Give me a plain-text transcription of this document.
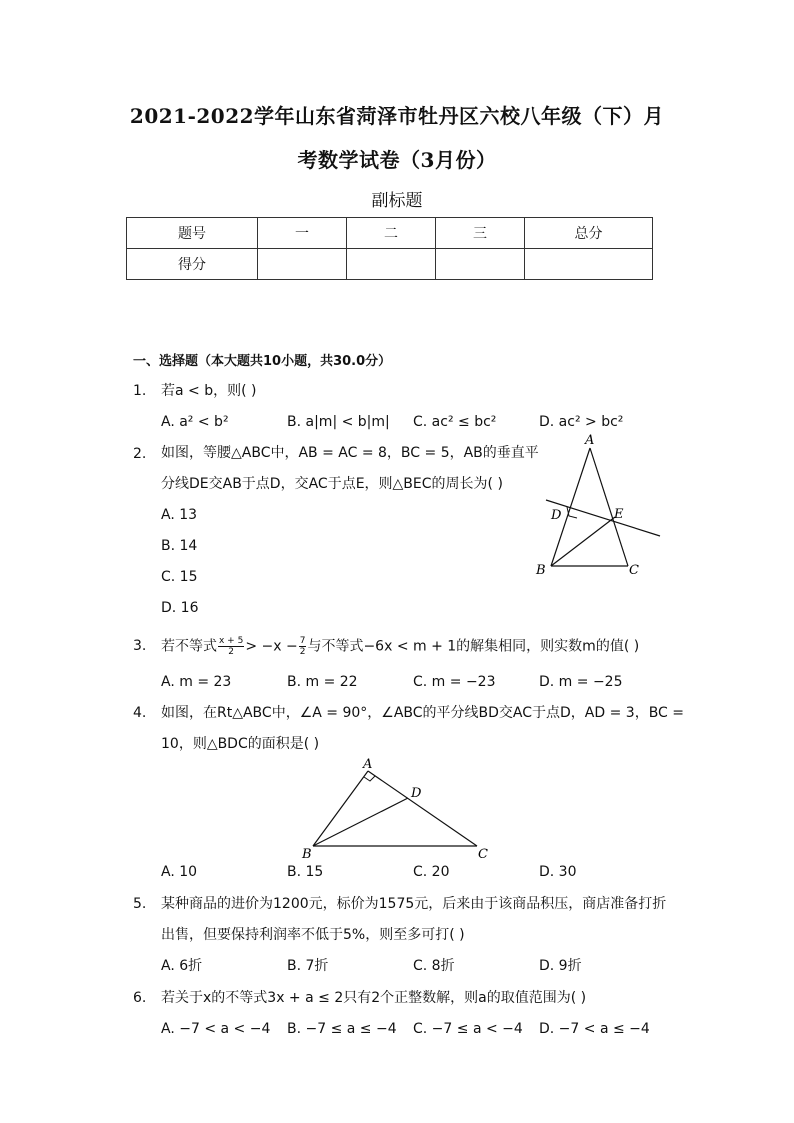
2021-2022学年山东省菏泽市牡丹区六校八年级（下）月
考数学试卷（3月份）
副标题
题号	一	二	三	总分
得分				
一、选择题（本大题共10小题，共30.0分）
1. 若a < b，则( )
A. a² < b²	B. a|m| < b|m| C. ac² ≤ bc²	D. ac² > bc²
2. 如图，等腰△ABC中，AB = AC = 8，BC = 5，AB的垂直平
分线DE交AB于点D，交AC于点E，则△BEC的周长为( )
A. 13
B. 14
C. 15
D. 16
A
D	E
B	C
3. 若不等式 $\frac{x + 5}{2} > -x - \frac{7}{2}$ 与不等式−6x < m + 1的解集相同，则实数m的值( )
A. m = 23	B. m = 22	C. m = −23	D. m = −25
4. 如图，在Rt△ABC中，∠A = 90°，∠ABC的平分线BD交AC于点D，AD = 3，BC =
10，则△BDC的面积是( )
A
D
B	C
A. 10	B. 15	C. 20	D. 30
5. 某种商品的进价为1200元，标价为1575元，后来由于该商品积压，商店准备打折
出售，但要保持利润率不低于5%，则至多可打( )
A. 6折	B. 7折	C. 8折	D. 9折
6. 若关于x的不等式3x + a ≤ 2只有2个正整数解，则a的取值范围为( )
A. −7 < a < −4 B. −7 ≤ a ≤ −4 C. −7 ≤ a < −4 D. −7 < a ≤ −4
